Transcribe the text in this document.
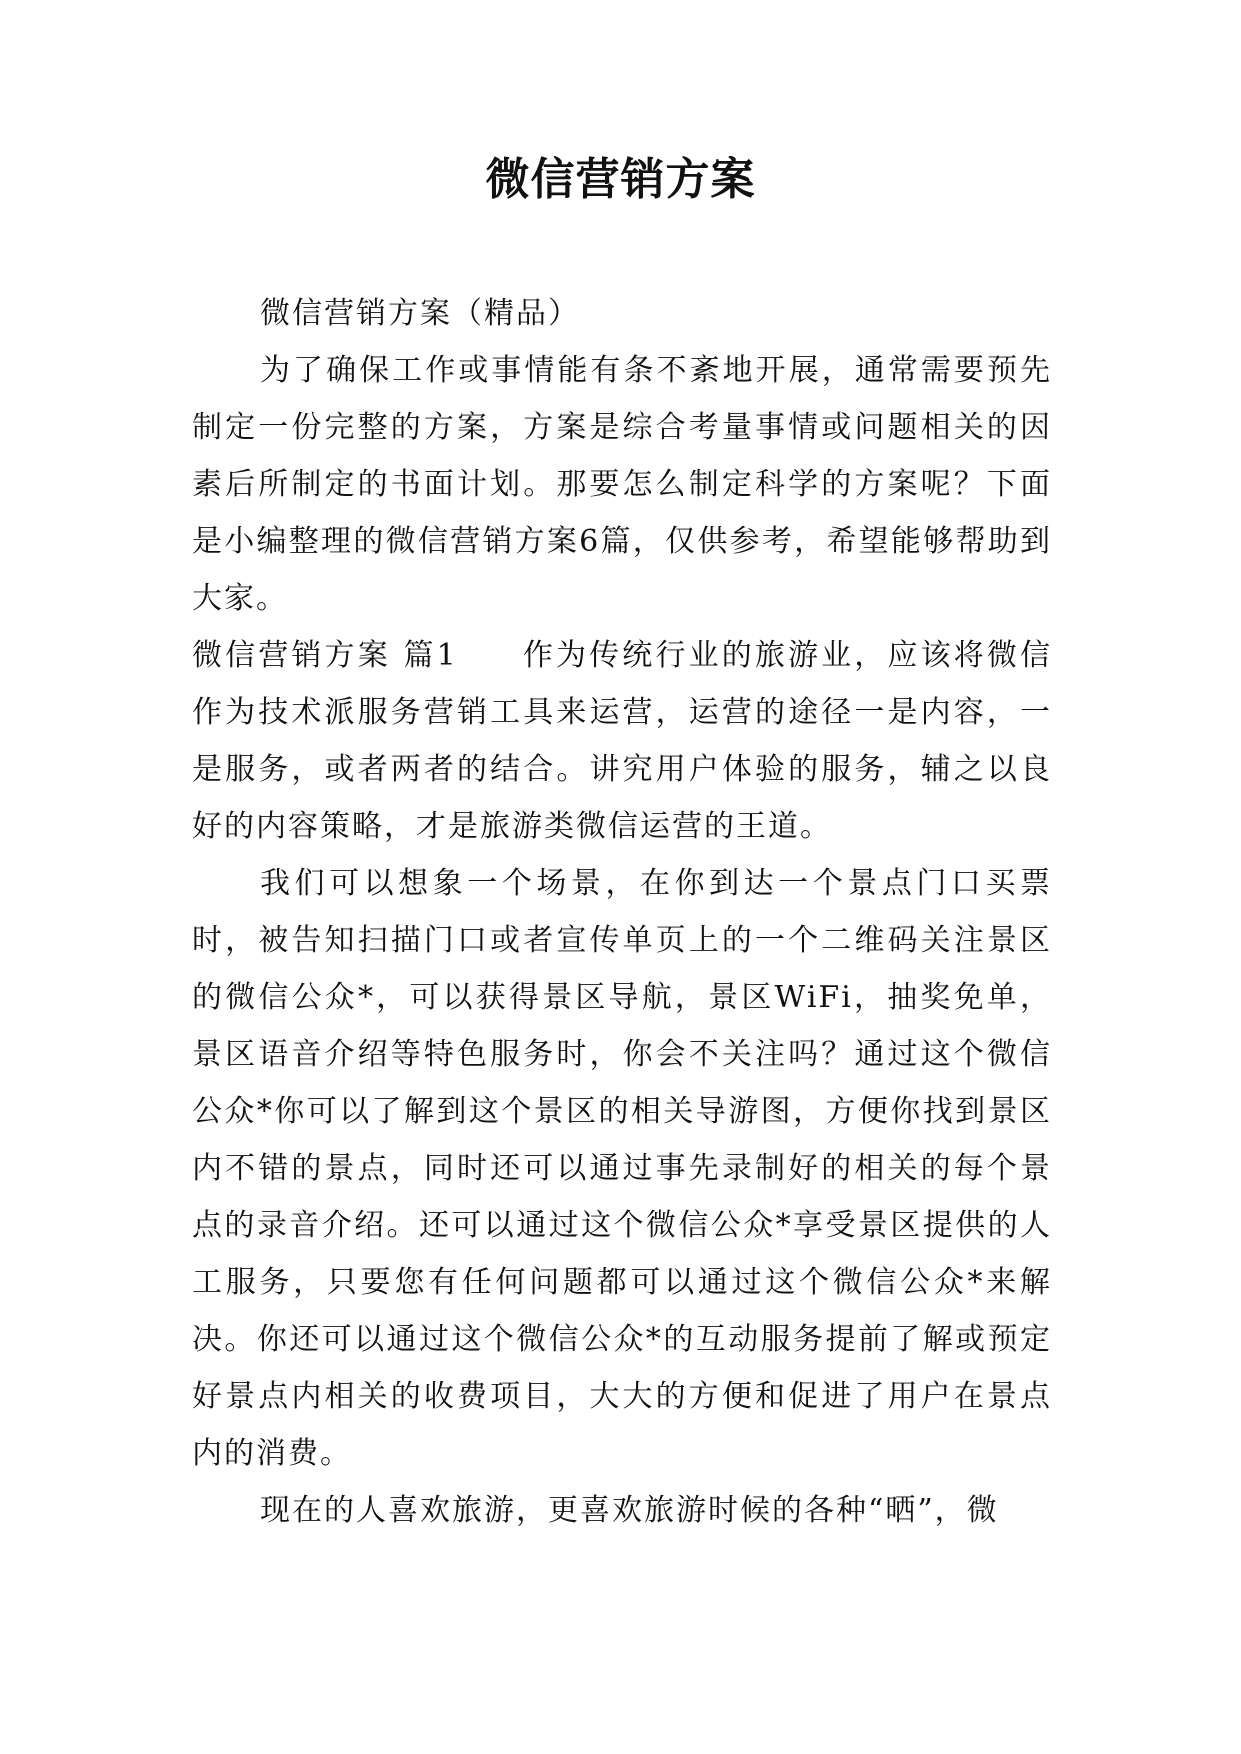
微信营销方案

微信营销方案（精品）

为了确保工作或事情能有条不紊地开展，通常需要预先制定一份完整的方案，方案是综合考量事情或问题相关的因素后所制定的书面计划。那要怎么制定科学的方案呢？下面是小编整理的微信营销方案6篇，仅供参考，希望能够帮助到大家。

微信营销方案 篇1 作为传统行业的旅游业，应该将微信作为技术派服务营销工具来运营，运营的途径一是内容，一是服务，或者两者的结合。讲究用户体验的服务，辅之以良好的内容策略，才是旅游类微信运营的王道。

我们可以想象一个场景，在你到达一个景点门口买票时，被告知扫描门口或者宣传单页上的一个二维码关注景区的微信公众*，可以获得景区导航，景区WiFi，抽奖免单，景区语音介绍等特色服务时，你会不关注吗？通过这个微信公众*你可以了解到这个景区的相关导游图，方便你找到景区内不错的景点，同时还可以通过事先录制好的相关的每个景点的录音介绍。还可以通过这个微信公众*享受景区提供的人工服务，只要您有任何问题都可以通过这个微信公众*来解决。你还可以通过这个微信公众*的互动服务提前了解或预定好景点内相关的收费项目，大大的方便和促进了用户在景点内的消费。

现在的人喜欢旅游，更喜欢旅游时候的各种“晒”，微
